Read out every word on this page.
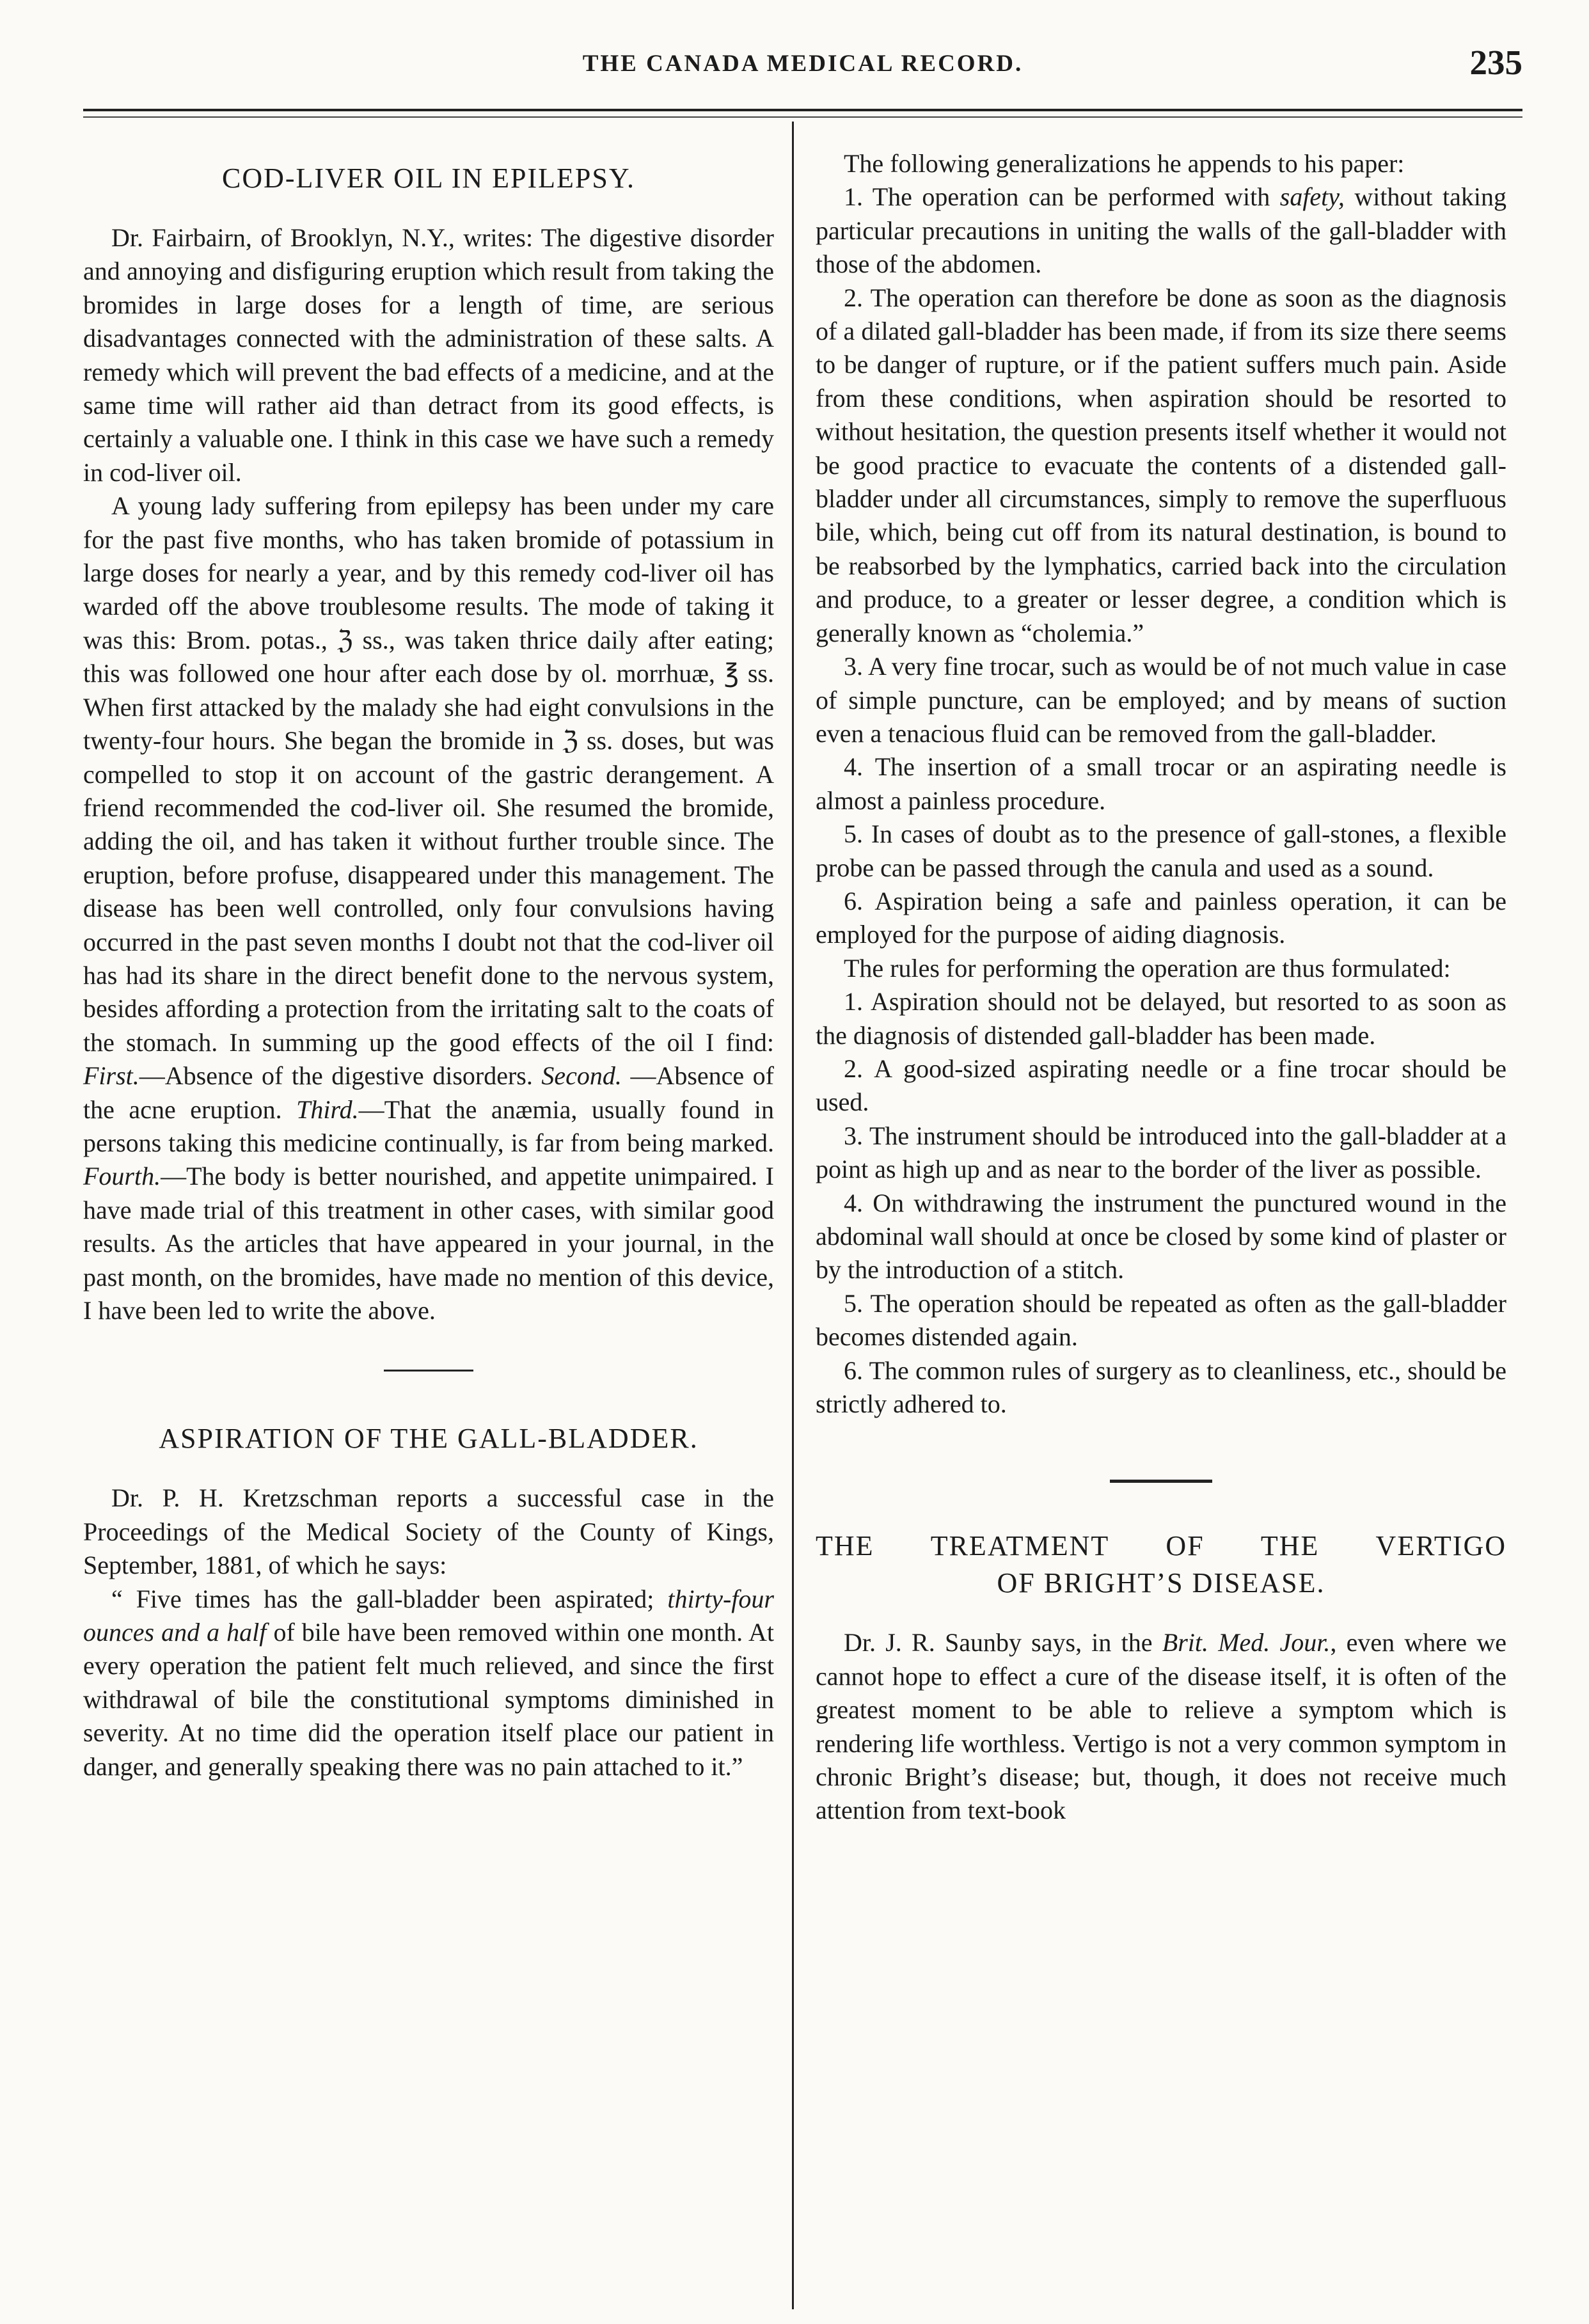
THE CANADA MEDICAL RECORD.	235
COD-LIVER OIL IN EPILEPSY.

Dr. Fairbairn, of Brooklyn, N.Y., writes: The digestive disorder and annoying and disfiguring eruption which result from taking the bromides in large doses for a length of time, are serious disadvantages connected with the administration of these salts. A remedy which will prevent the bad effects of a medicine, and at the same time will rather aid than detract from its good effects, is certainly a valuable one. I think in this case we have such a remedy in cod-liver oil.

A young lady suffering from epilepsy has been under my care for the past five months, who has taken bromide of potassium in large doses for nearly a year, and by this remedy cod-liver oil has warded off the above troublesome results. The mode of taking it was this: Brom. potas., ℨ ss., was taken thrice daily after eating; this was followed one hour after each dose by ol. morrhuæ, ℥ ss. When first attacked by the malady she had eight convulsions in the twenty-four hours. She began the bromide in ℨ ss. doses, but was compelled to stop it on account of the gastric derangement. A friend recommended the cod-liver oil. She resumed the bromide, adding the oil, and has taken it without further trouble since. The eruption, before profuse, disappeared under this management. The disease has been well controlled, only four convulsions having occurred in the past seven months I doubt not that the cod-liver oil has had its share in the direct benefit done to the nervous system, besides affording a protection from the irritating salt to the coats of the stomach. In summing up the good effects of the oil I find: First.—Absence of the digestive disorders. Second. —Absence of the acne eruption. Third.—That the anæmia, usually found in persons taking this medicine continually, is far from being marked. Fourth.—The body is better nourished, and appetite unimpaired. I have made trial of this treatment in other cases, with similar good results. As the articles that have appeared in your journal, in the past month, on the bromides, have made no mention of this device, I have been led to write the above.

ASPIRATION OF THE GALL-BLADDER.

Dr. P. H. Kretzschman reports a successful case in the Proceedings of the Medical Society of the County of Kings, September, 1881, of which he says:

“ Five times has the gall-bladder been aspirated; thirty-four ounces and a half of bile have been removed within one month. At every operation the patient felt much relieved, and since the first withdrawal of bile the constitutional symptoms diminished in severity. At no time did the operation itself place our patient in danger, and generally speaking there was no pain attached to it.”

The following generalizations he appends to his paper:

1. The operation can be performed with safety, without taking particular precautions in uniting the walls of the gall-bladder with those of the abdomen.

2. The operation can therefore be done as soon as the diagnosis of a dilated gall-bladder has been made, if from its size there seems to be danger of rupture, or if the patient suffers much pain. Aside from these conditions, when aspiration should be resorted to without hesitation, the question presents itself whether it would not be good practice to evacuate the contents of a distended gall-bladder under all circumstances, simply to remove the superfluous bile, which, being cut off from its natural destination, is bound to be reabsorbed by the lymphatics, carried back into the circulation and produce, to a greater or lesser degree, a condition which is generally known as “cholemia.”

3. A very fine trocar, such as would be of not much value in case of simple puncture, can be employed; and by means of suction even a tenacious fluid can be removed from the gall-bladder.

4. The insertion of a small trocar or an aspirating needle is almost a painless procedure.

5. In cases of doubt as to the presence of gall-stones, a flexible probe can be passed through the canula and used as a sound.

6. Aspiration being a safe and painless operation, it can be employed for the purpose of aiding diagnosis.

The rules for performing the operation are thus formulated:

1. Aspiration should not be delayed, but resorted to as soon as the diagnosis of distended gall-bladder has been made.

2. A good-sized aspirating needle or a fine trocar should be used.

3. The instrument should be introduced into the gall-bladder at a point as high up and as near to the border of the liver as possible.

4. On withdrawing the instrument the punctured wound in the abdominal wall should at once be closed by some kind of plaster or by the introduction of a stitch.

5. The operation should be repeated as often as the gall-bladder becomes distended again.

6. The common rules of surgery as to cleanliness, etc., should be strictly adhered to.

THE TREATMENT OF THE VERTIGO
OF BRIGHT’S DISEASE.

Dr. J. R. Saunby says, in the Brit. Med. Jour., even where we cannot hope to effect a cure of the disease itself, it is often of the greatest moment to be able to relieve a symptom which is rendering life worthless. Vertigo is not a very common symptom in chronic Bright’s disease; but, though, it does not receive much attention from text-book
